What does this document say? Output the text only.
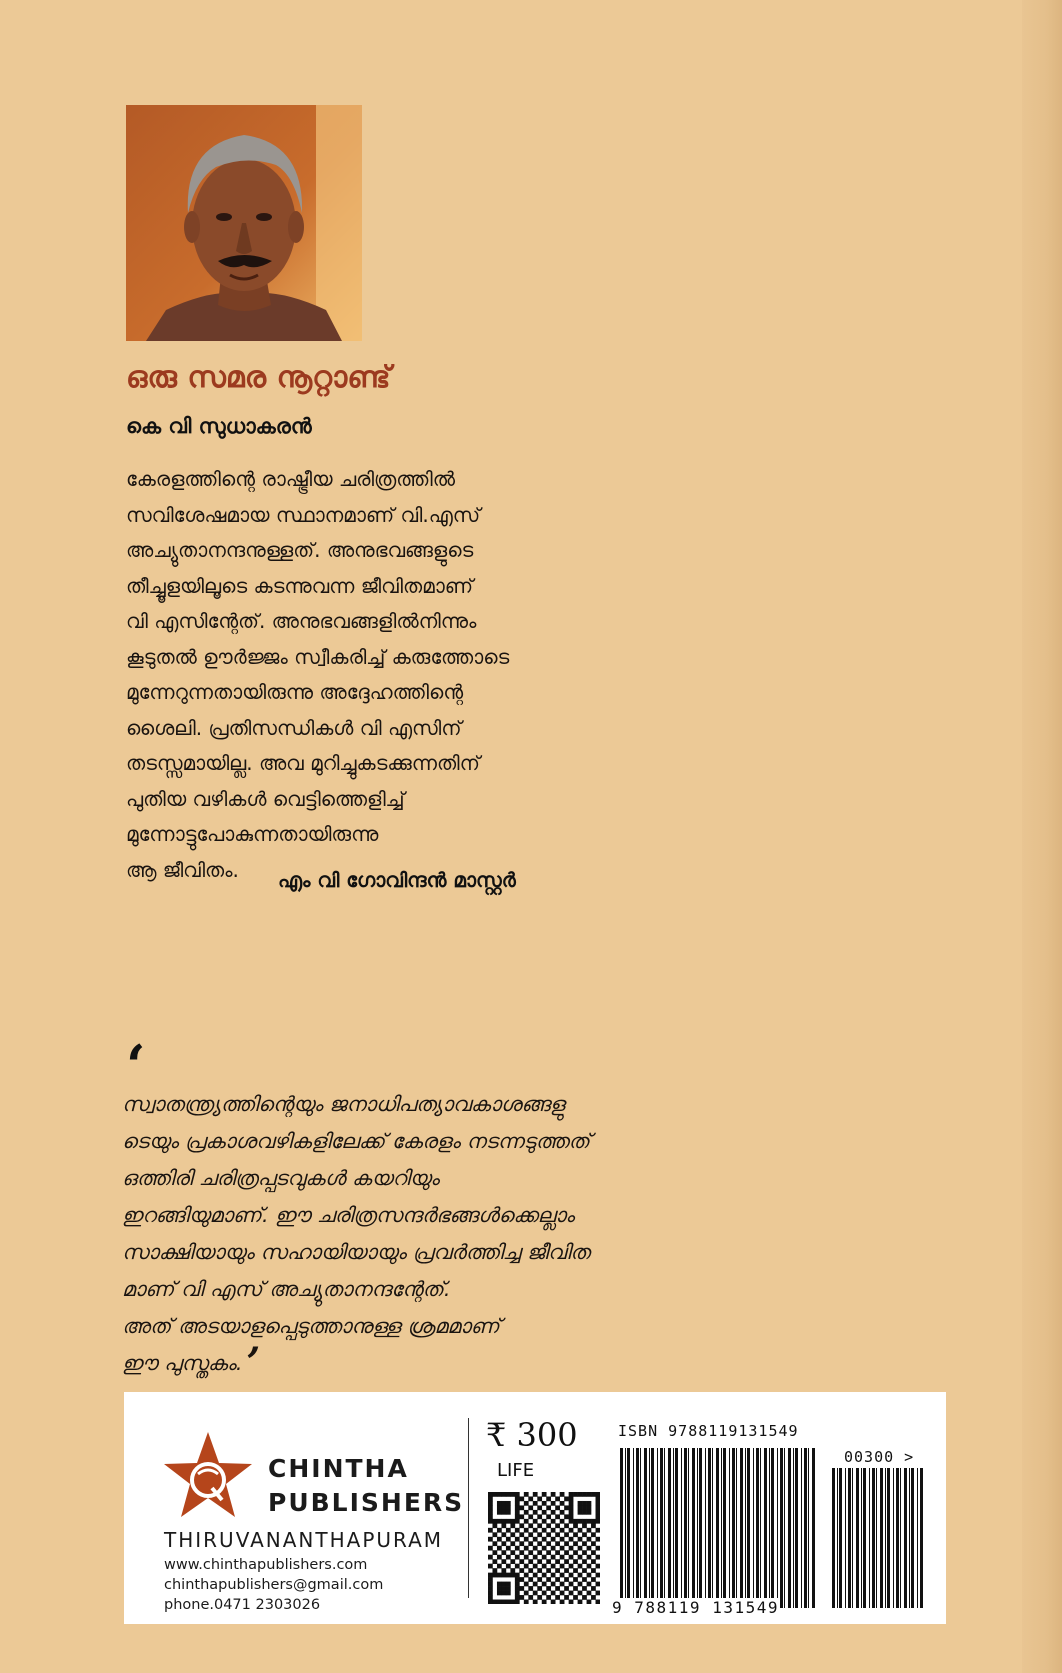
ഒരു സമര നൂറ്റാണ്ട്
കെ വി സുധാകരൻ
കേരളത്തിന്റെ രാഷ്ട്രീയ ചരിത്രത്തിൽ
സവിശേഷമായ സ്ഥാനമാണ് വി.എസ്
അച്യുതാനന്ദനുള്ളത്. അനുഭവങ്ങളുടെ
തീച്ചൂളയിലൂടെ കടന്നുവന്ന ജീവിതമാണ്
വി എസിന്റേത്. അനുഭവങ്ങളിൽനിന്നും
കൂടുതൽ ഊർജ്ജം സ്വീകരിച്ച് കരുത്തോടെ
മുന്നേറുന്നതായിരുന്നു അദ്ദേഹത്തിന്റെ
ശൈലി. പ്രതിസന്ധികൾ വി എസിന്
തടസ്സമായില്ല. അവ മുറിച്ചുകടക്കുന്നതിന്
പുതിയ വഴികൾ വെട്ടിത്തെളിച്ച്
മുന്നോട്ടുപോകുന്നതായിരുന്നു
ആ ജീവിതം.	എം വി ഗോവിന്ദൻ മാസ്റ്റർ
‘
സ്വാതന്ത്ര്യത്തിന്റെയും ജനാധിപത്യാവകാശങ്ങളു
ടെയും പ്രകാശവഴികളിലേക്ക് കേരളം നടന്നടുത്തത്
ഒത്തിരി ചരിത്രപ്പടവുകൾ കയറിയും
ഇറങ്ങിയുമാണ്. ഈ ചരിത്രസന്ദർഭങ്ങൾക്കെല്ലാം
സാക്ഷിയായും സഹായിയായും പ്രവർത്തിച്ച ജീവിത
മാണ് വി എസ് അച്യുതാനന്ദന്റേത്.
അത് അടയാളപ്പെടുത്താനുള്ള ശ്രമമാണ്
ഈ പുസ്തകം. ’
CHINTHA
PUBLISHERS
THIRUVANANTHAPURAM
www.chinthapublishers.com
chinthapublishers@gmail.com
phone.0471 2303026
₹ 300
LIFE
ISBN 9788119131549
00300 >
9 788119 131549
